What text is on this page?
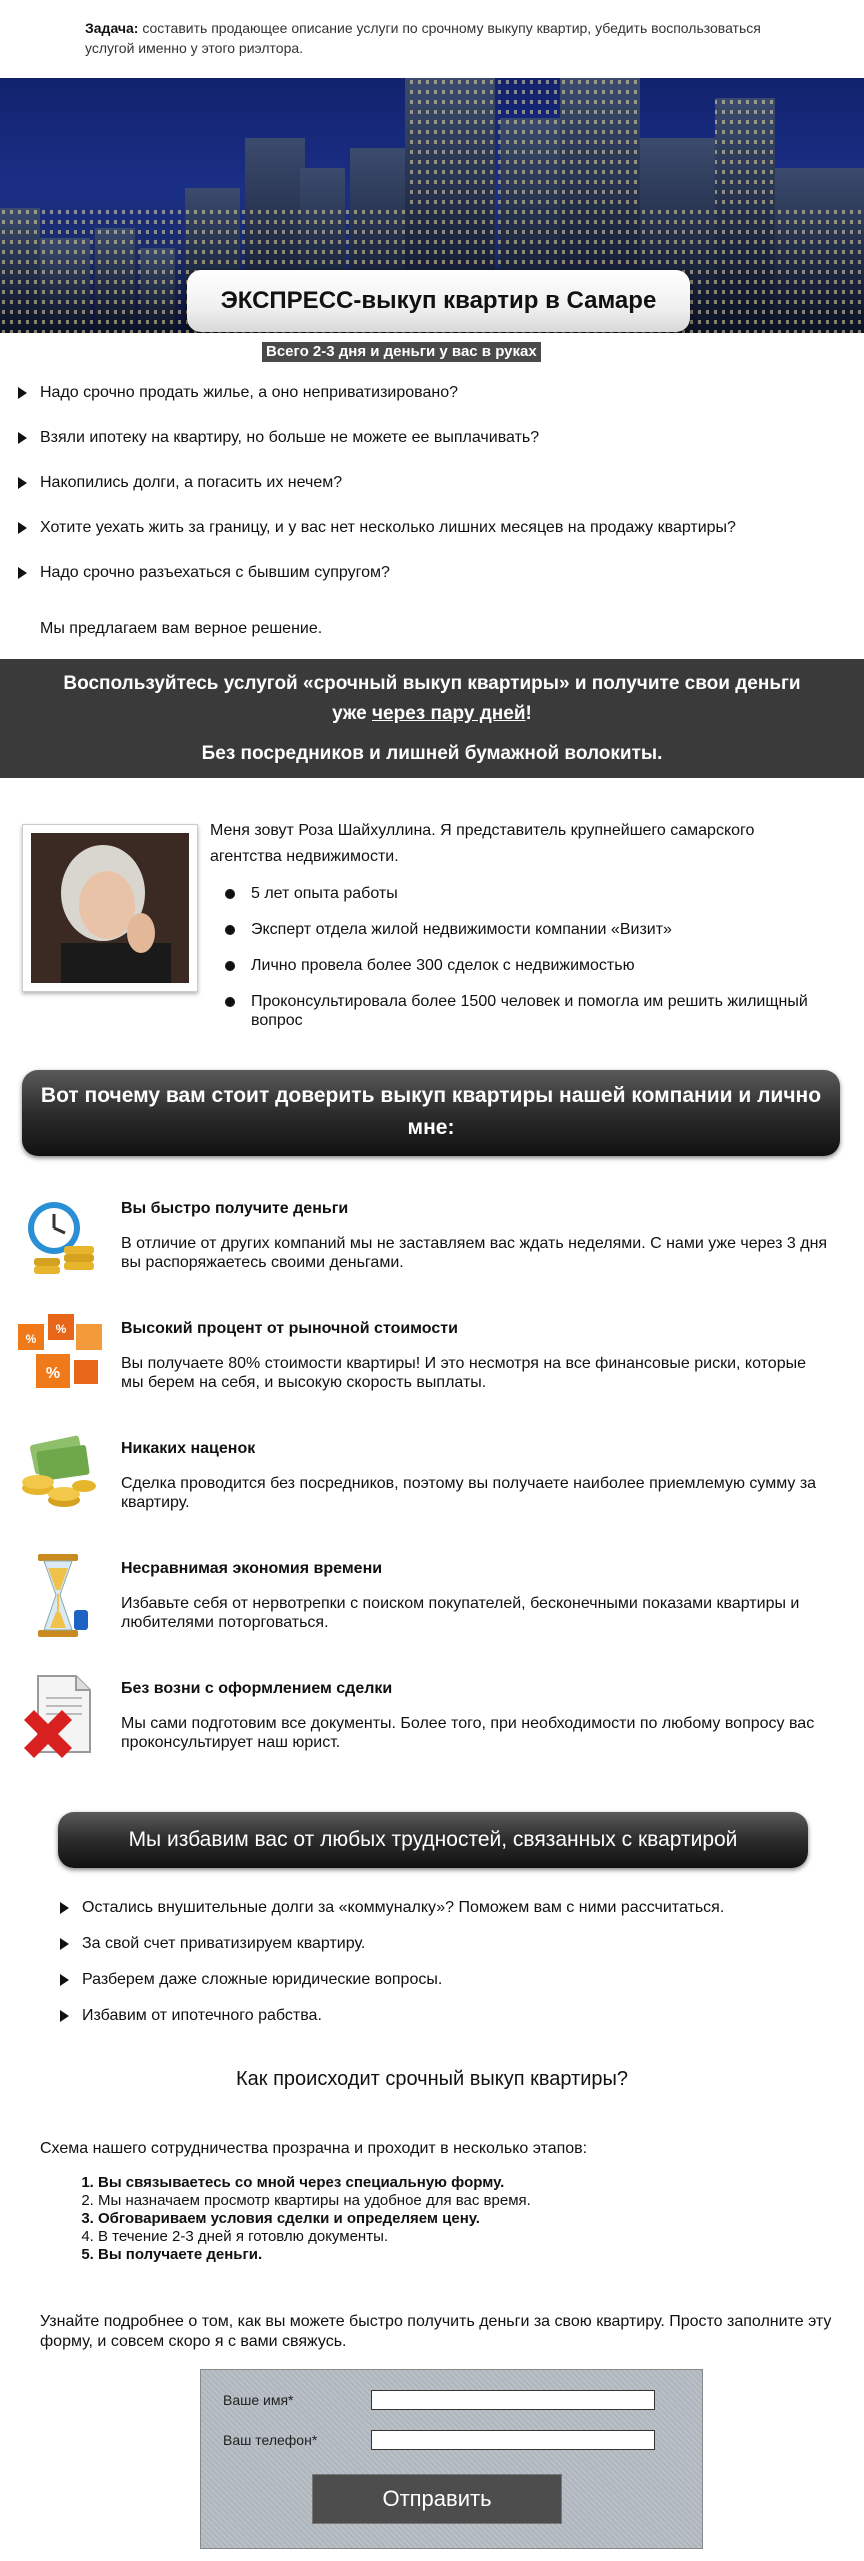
Задача: составить продающее описание услуги по срочному выкупу квартир, убедить воспользоваться услугой именно у этого риэлтора.
ЭКСПРЕСС-выкуп квартир в Самаре
Всего 2-3 дня и деньги у вас в руках
Надо срочно продать жилье, а оно неприватизировано?
Взяли ипотеку на квартиру, но больше не можете ее выплачивать?
Накопились долги, а погасить их нечем?
Хотите уехать жить за границу, и у вас нет несколько лишних месяцев на продажу квартиры?
Надо срочно разъехаться с бывшим супругом?
Мы предлагаем вам верное решение.
Воспользуйтесь услугой «срочный выкуп квартиры» и получите свои деньги
уже через пару дней!
Без посредников и лишней бумажной волокиты.
Меня зовут Роза Шайхуллина. Я представитель крупнейшего самарского агентства недвижимости.
5 лет опыта работы
Эксперт отдела жилой недвижимости компании «Визит»
Лично провела более 300 сделок с недвижимостью
Проконсультировала более 1500 человек и помогла им решить жилищный вопрос
Вот почему вам стоит доверить выкуп квартиры нашей компании и лично мне:
Вы быстро получите деньги
В отличие от других компаний мы не заставляем вас ждать неделями. С нами уже через 3 дня вы распоряжаетесь своими деньгами.
%
%
%	Высокий процент от рыночной стоимости
Вы получаете 80% стоимости квартиры! И это несмотря на все финансовые риски, которые мы берем на себя, и высокую скорость выплаты.
Никаких наценок
Сделка проводится без посредников, поэтому вы получаете наиболее приемлемую сумму за квартиру.
Несравнимая экономия времени
Избавьте себя от нервотрепки с поиском покупателей, бесконечными показами квартиры и любителями поторговаться.
Без возни с оформлением сделки
Мы сами подготовим все документы. Более того, при необходимости по любому вопросу вас проконсультирует наш юрист.
Мы избавим вас от любых трудностей, связанных с квартирой
Остались внушительные долги за «коммуналку»? Поможем вам с ними рассчитаться.
За свой счет приватизируем квартиру.
Разберем даже сложные юридические вопросы.
Избавим от ипотечного рабства.
Как происходит срочный выкуп квартиры?
Схема нашего сотрудничества прозрачна и проходит в несколько этапов:
1. Вы связываетесь со мной через специальную форму.
2. Мы назначаем просмотр квартиры на удобное для вас время.
3. Обговариваем условия сделки и определяем цену.
4. В течение 2-3 дней я готовлю документы.
5. Вы получаете деньги.
Узнайте подробнее о том, как вы можете быстро получить деньги за свою квартиру. Просто заполните эту форму, и совсем скоро я с вами свяжусь.
Ваше имя*
Ваш телефон*
Отправить
